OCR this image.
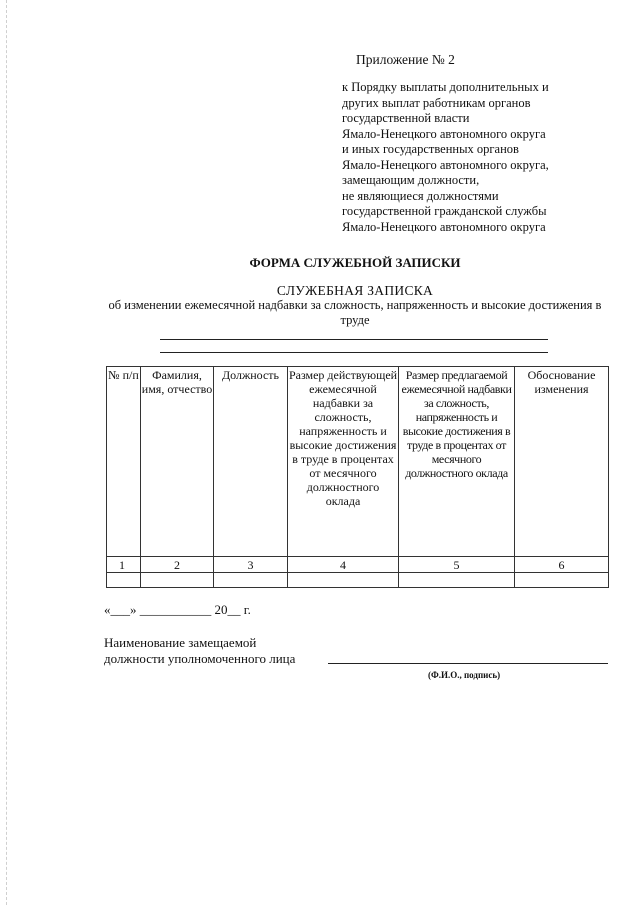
Приложение № 2
к Порядку выплаты дополнительных и
других выплат работникам органов
государственной власти
Ямало-Ненецкого автономного округа
и иных государственных органов
Ямало-Ненецкого автономного округа,
замещающим должности,
не являющиеся должностями
государственной гражданской службы
Ямало-Ненецкого автономного округа
ФОРМА СЛУЖЕБНОЙ ЗАПИСКИ
СЛУЖЕБНАЯ ЗАПИСКА
об изменении ежемесячной надбавки за сложность, напряженность и высокие достижения в труде
№ п/п	Фамилия, имя, отчество	Должность	Размер действующей ежемесячной надбавки за сложность, напряженность и высокие достижения в труде в процентах от месячного должностного оклада	Размер предлагаемой ежемесячной надбавки за сложность, напряженность и высокие достижения в труде в процентах от месячного должностного оклада	Обоснование изменения
1	2	3	4	5	6

«___» ___________ 20__ г.
Наименование замещаемой
должности уполномоченного лица
(Ф.И.О., подпись)
